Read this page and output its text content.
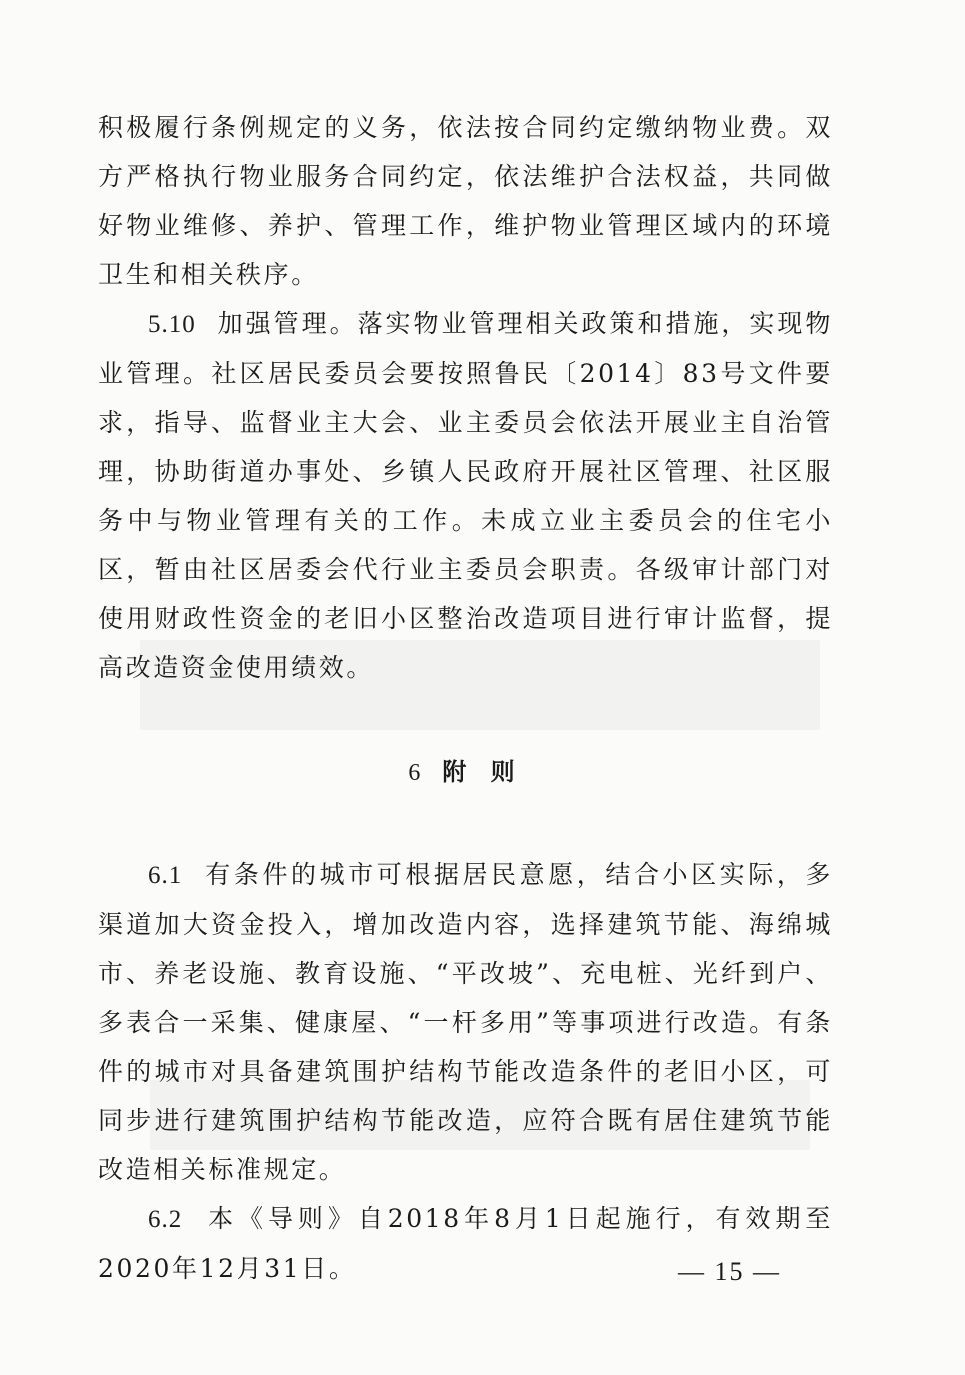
积极履行条例规定的义务，依法按合同约定缴纳物业费。双方严格执行物业服务合同约定，依法维护合法权益，共同做好物业维修、养护、管理工作，维护物业管理区域内的环境卫生和相关秩序。

5.10 加强管理。落实物业管理相关政策和措施，实现物业管理。社区居民委员会要按照鲁民〔2014〕83号文件要求，指导、监督业主大会、业主委员会依法开展业主自治管理，协助街道办事处、乡镇人民政府开展社区管理、社区服务中与物业管理有关的工作。未成立业主委员会的住宅小区，暂由社区居委会代行业主委员会职责。各级审计部门对使用财政性资金的老旧小区整治改造项目进行审计监督，提高改造资金使用绩效。

6 附 则

6.1 有条件的城市可根据居民意愿，结合小区实际，多渠道加大资金投入，增加改造内容，选择建筑节能、海绵城市、养老设施、教育设施、“平改坡”、充电桩、光纤到户、多表合一采集、健康屋、“一杆多用”等事项进行改造。有条件的城市对具备建筑围护结构节能改造条件的老旧小区，可同步进行建筑围护结构节能改造，应符合既有居住建筑节能改造相关标准规定。

6.2 本《导则》自2018年8月1日起施行，有效期至2020年12月31日。	— 15 —
